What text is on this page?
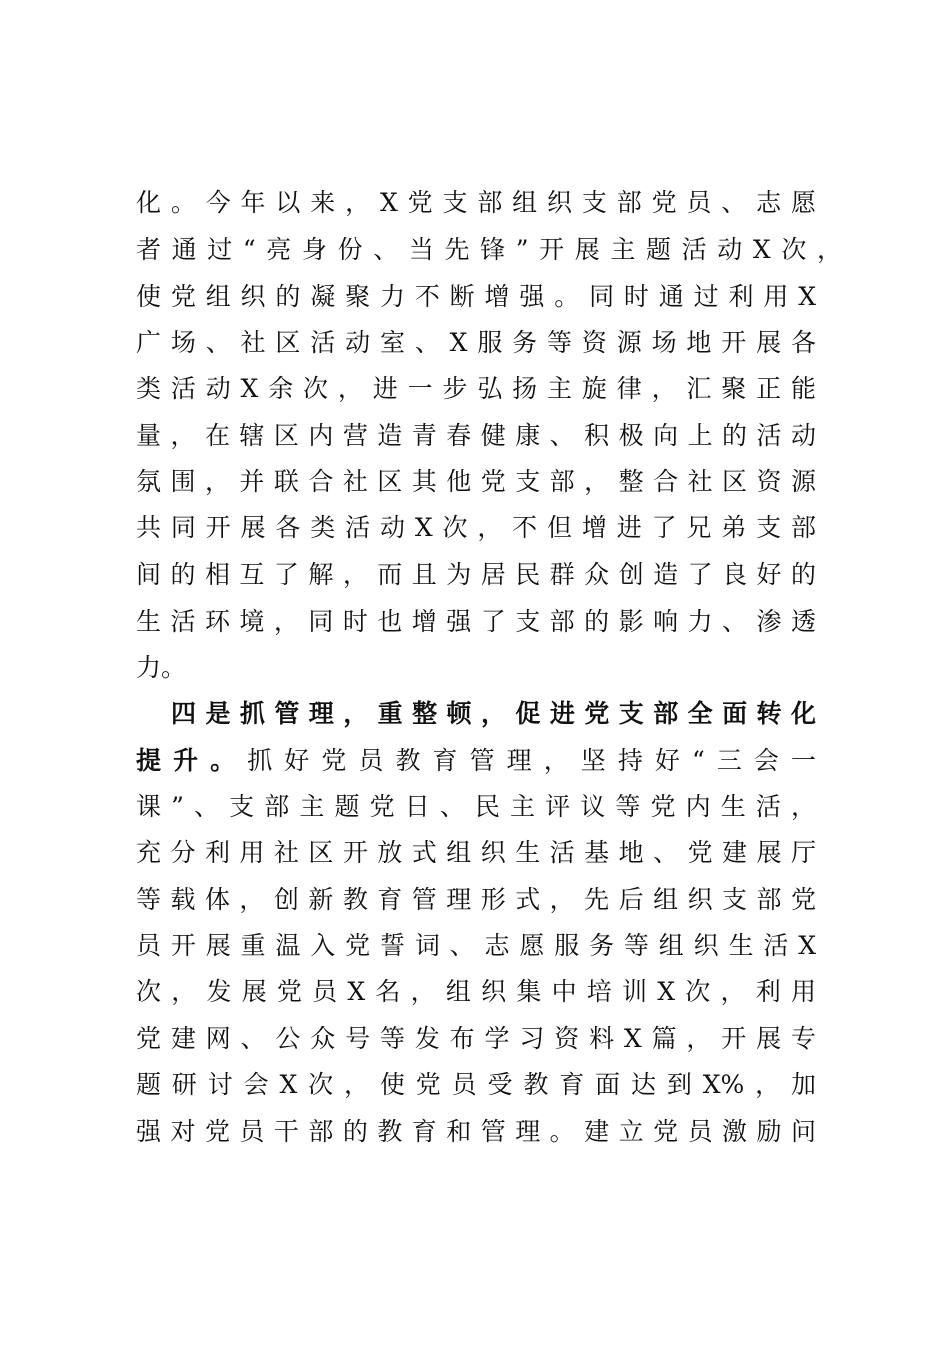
化。今年以来，X党支部组织支部党员、志愿
者通过“亮身份、当先锋”开展主题活动X次，
使党组织的凝聚力不断增强。同时通过利用X
广场、社区活动室、X服务等资源场地开展各
类活动X余次，进一步弘扬主旋律，汇聚正能
量，在辖区内营造青春健康、积极向上的活动
氛围，并联合社区其他党支部，整合社区资源
共同开展各类活动X次，不但增进了兄弟支部
间的相互了解，而且为居民群众创造了良好的
生活环境，同时也增强了支部的影响力、渗透
力。
四是抓管理，重整顿，促进党支部全面转化
提升。抓好党员教育管理，坚持好“三会一
课”、支部主题党日、民主评议等党内生活，
充分利用社区开放式组织生活基地、党建展厅
等载体，创新教育管理形式，先后组织支部党
员开展重温入党誓词、志愿服务等组织生活X
次，发展党员X名，组织集中培训X次，利用
党建网、公众号等发布学习资料X篇，开展专
题研讨会X次，使党员受教育面达到X%，加
强对党员干部的教育和管理。建立党员激励问
